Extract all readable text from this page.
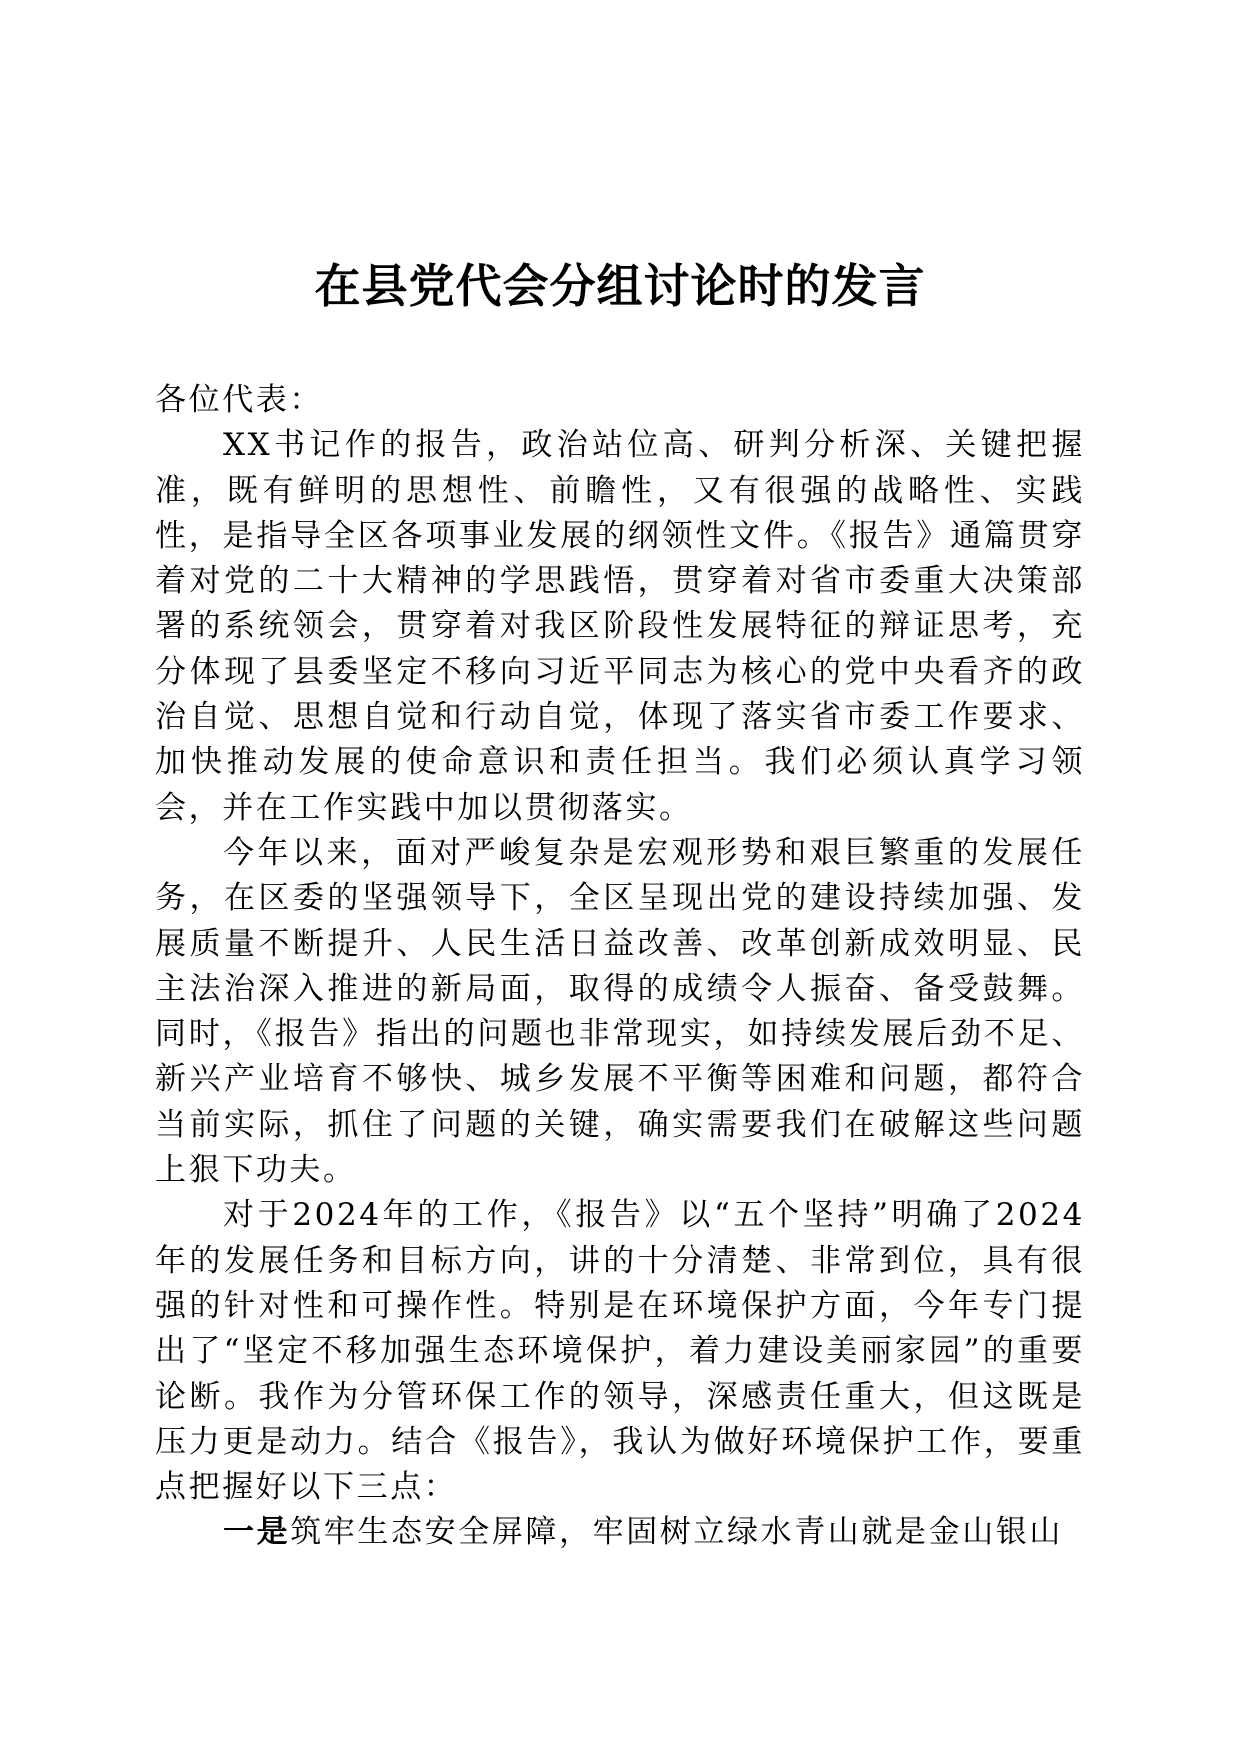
在县党代会分组讨论时的发言

各位代表：

XX书记作的报告，政治站位高、研判分析深、关键把握准，既有鲜明的思想性、前瞻性，又有很强的战略性、实践性，是指导全区各项事业发展的纲领性文件。《报告》通篇贯穿着对党的二十大精神的学思践悟，贯穿着对省市委重大决策部署的系统领会，贯穿着对我区阶段性发展特征的辩证思考，充分体现了县委坚定不移向习近平同志为核心的党中央看齐的政治自觉、思想自觉和行动自觉，体现了落实省市委工作要求、加快推动发展的使命意识和责任担当。我们必须认真学习领会，并在工作实践中加以贯彻落实。

今年以来，面对严峻复杂是宏观形势和艰巨繁重的发展任务，在区委的坚强领导下，全区呈现出党的建设持续加强、发展质量不断提升、人民生活日益改善、改革创新成效明显、民主法治深入推进的新局面，取得的成绩令人振奋、备受鼓舞。同时，《报告》指出的问题也非常现实，如持续发展后劲不足、新兴产业培育不够快、城乡发展不平衡等困难和问题，都符合当前实际，抓住了问题的关键，确实需要我们在破解这些问题上狠下功夫。

对于2024年的工作，《报告》以“五个坚持”明确了2024年的发展任务和目标方向，讲的十分清楚、非常到位，具有很强的针对性和可操作性。特别是在环境保护方面，今年专门提出了“坚定不移加强生态环境保护，着力建设美丽家园”的重要论断。我作为分管环保工作的领导，深感责任重大，但这既是压力更是动力。结合《报告》，我认为做好环境保护工作，要重点把握好以下三点：

一是筑牢生态安全屏障，牢固树立绿水青山就是金山银山
